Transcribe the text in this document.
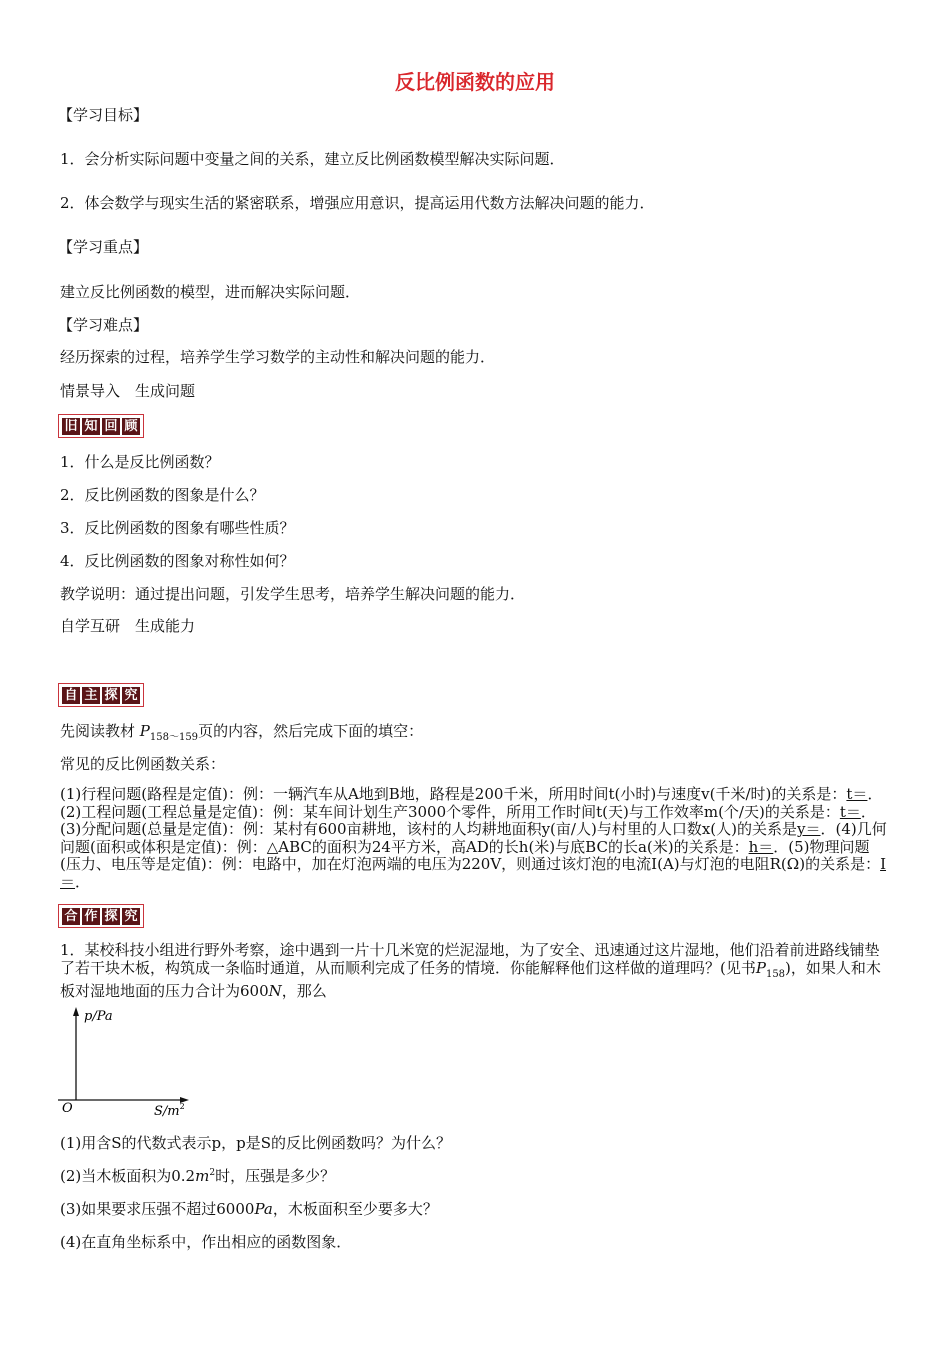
反比例函数的应用
【学习目标】
1．会分析实际问题中变量之间的关系，建立反比例函数模型解决实际问题．
2．体会数学与现实生活的紧密联系，增强应用意识，提高运用代数方法解决问题的能力．
【学习重点】
建立反比例函数的模型，进而解决实际问题．
【学习难点】
经历探索的过程，培养学生学习数学的主动性和解决问题的能力．
情景导入　生成问题
旧 知 回 顾
1．什么是反比例函数？
2．反比例函数的图象是什么？
3．反比例函数的图象有哪些性质？
4．反比例函数的图象对称性如何？
教学说明：通过提出问题，引发学生思考，培养学生解决问题的能力．
自学互研　生成能力
自 主 探 究
先阅读教材 $P_{158\sim 159}$页的内容，然后完成下面的填空：
常见的反比例函数关系：
(1)行程问题(路程是定值)：例：一辆汽车从A地到B地，路程是200千米，所用时间t(小时)与速度v(千米/时)的关系是：t＝．(2)工程问题(工程总量是定值)：例：某车间计划生产3000个零件，所用工作时间t(天)与工作效率m(个/天)的关系是：t＝．(3)分配问题(总量是定值)：例：某村有600亩耕地，该村的人均耕地面积y(亩/人)与村里的人口数x(人)的关系是y＝．(4)几何问题(面积或体积是定值)：例：△ABC的面积为24平方米，高AD的长h(米)与底BC的长a(米)的关系是：h＝．(5)物理问题(压力、电压等是定值)：例：电路中，加在灯泡两端的电压为220V，则通过该灯泡的电流I(A)与灯泡的电阻R(Ω)的关系是：I＝．
合 作 探 究
1．某校科技小组进行野外考察，途中遇到一片十几米宽的烂泥湿地，为了安全、迅速通过这片湿地，他们沿着前进路线铺垫了若干块木板，构筑成一条临时通道，从而顺利完成了任务的情境．你能解释他们这样做的道理吗？(见书$P_{158}$)，如果人和木板对湿地地面的压力合计为600N，那么
p/Pa
$S/m^2$
O
(1)用含S的代数式表示p，p是S的反比例函数吗？为什么？
(2)当木板面积为$0.2m^2$时，压强是多少？
(3)如果要求压强不超过6000Pa，木板面积至少要多大？
(4)在直角坐标系中，作出相应的函数图象．
